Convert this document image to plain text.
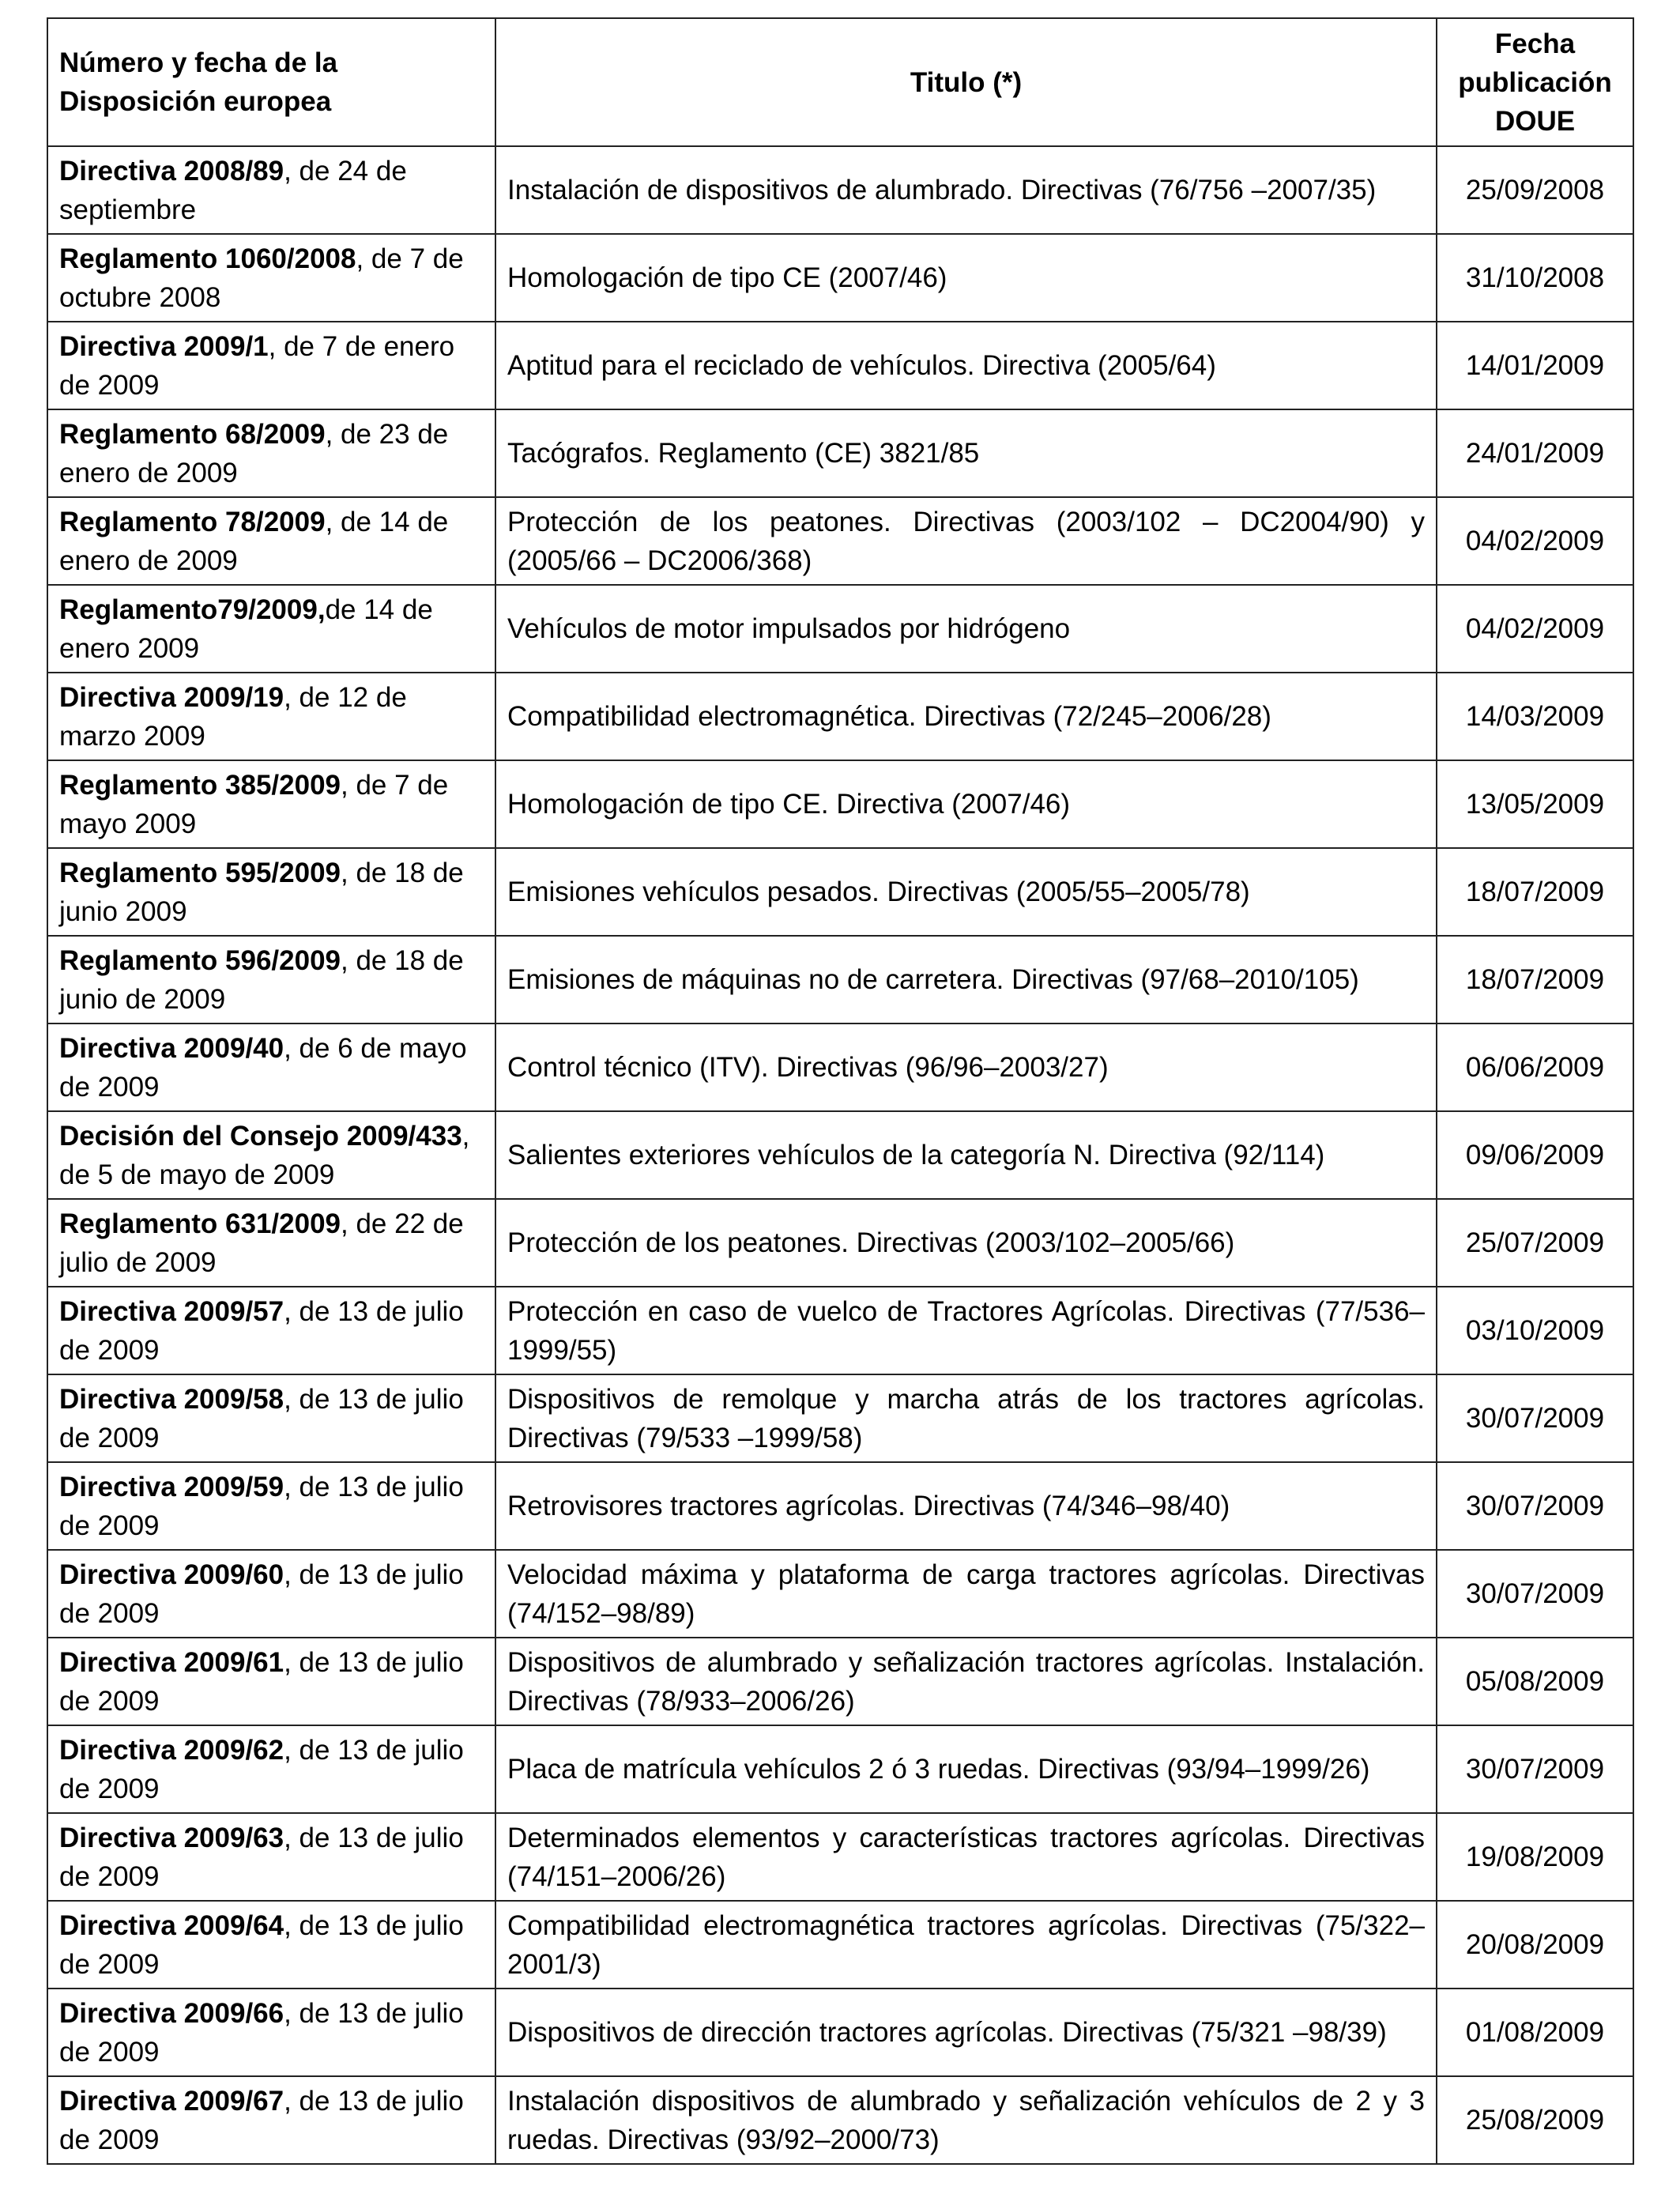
Número y fecha de la Disposición europea	Titulo (*)	Fecha publicación DOUE
Directiva 2008/89, de 24 de septiembre	Instalación de dispositivos de alumbrado. Directivas (76/756 –2007/35)	25/09/2008
Reglamento 1060/2008, de 7 de octubre 2008	Homologación de tipo CE (2007/46)	31/10/2008
Directiva 2009/1, de 7 de enero de 2009	Aptitud para el reciclado de vehículos. Directiva (2005/64)	14/01/2009
Reglamento 68/2009, de 23 de enero de 2009	Tacógrafos. Reglamento (CE) 3821/85	24/01/2009
Reglamento 78/2009, de 14 de enero de 2009	Protección de los peatones. Directivas (2003/102 – DC2004/90) y (2005/66 – DC2006/368)	04/02/2009
Reglamento79/2009,de 14 de enero 2009	Vehículos de motor impulsados por hidrógeno	04/02/2009
Directiva 2009/19, de 12 de marzo 2009	Compatibilidad electromagnética. Directivas (72/245–2006/28)	14/03/2009
Reglamento 385/2009, de 7 de mayo 2009	Homologación de tipo CE. Directiva (2007/46)	13/05/2009
Reglamento 595/2009, de 18 de junio 2009	Emisiones vehículos pesados. Directivas (2005/55–2005/78)	18/07/2009
Reglamento 596/2009, de 18 de junio de 2009	Emisiones de máquinas no de carretera. Directivas (97/68–2010/105)	18/07/2009
Directiva 2009/40, de 6 de mayo de 2009	Control técnico (ITV). Directivas (96/96–2003/27)	06/06/2009
Decisión del Consejo 2009/433, de 5 de mayo de 2009	Salientes exteriores vehículos de la categoría N. Directiva (92/114)	09/06/2009
Reglamento 631/2009, de 22 de julio de 2009	Protección de los peatones. Directivas (2003/102–2005/66)	25/07/2009
Directiva 2009/57, de 13 de julio de 2009	Protección en caso de vuelco de Tractores Agrícolas. Directivas (77/536–1999/55)	03/10/2009
Directiva 2009/58, de 13 de julio de 2009	Dispositivos de remolque y marcha atrás de los tractores agrícolas. Directivas (79/533 –1999/58)	30/07/2009
Directiva 2009/59, de 13 de julio de 2009	Retrovisores tractores agrícolas. Directivas (74/346–98/40)	30/07/2009
Directiva 2009/60, de 13 de julio de 2009	Velocidad máxima y plataforma de carga tractores agrícolas. Directivas (74/152–98/89)	30/07/2009
Directiva 2009/61, de 13 de julio de 2009	Dispositivos de alumbrado y señalización tractores agrícolas. Instalación. Directivas (78/933–2006/26)	05/08/2009
Directiva 2009/62, de 13 de julio de 2009	Placa de matrícula vehículos 2 ó 3 ruedas. Directivas (93/94–1999/26)	30/07/2009
Directiva 2009/63, de 13 de julio de 2009	Determinados elementos y características tractores agrícolas. Directivas (74/151–2006/26)	19/08/2009
Directiva 2009/64, de 13 de julio de 2009	Compatibilidad electromagnética tractores agrícolas. Directivas (75/322–2001/3)	20/08/2009
Directiva 2009/66, de 13 de julio de 2009	Dispositivos de dirección tractores agrícolas. Directivas (75/321 –98/39)	01/08/2009
Directiva 2009/67, de 13 de julio de 2009	Instalación dispositivos de alumbrado y señalización vehículos de 2 y 3 ruedas. Directivas (93/92–2000/73)	25/08/2009
